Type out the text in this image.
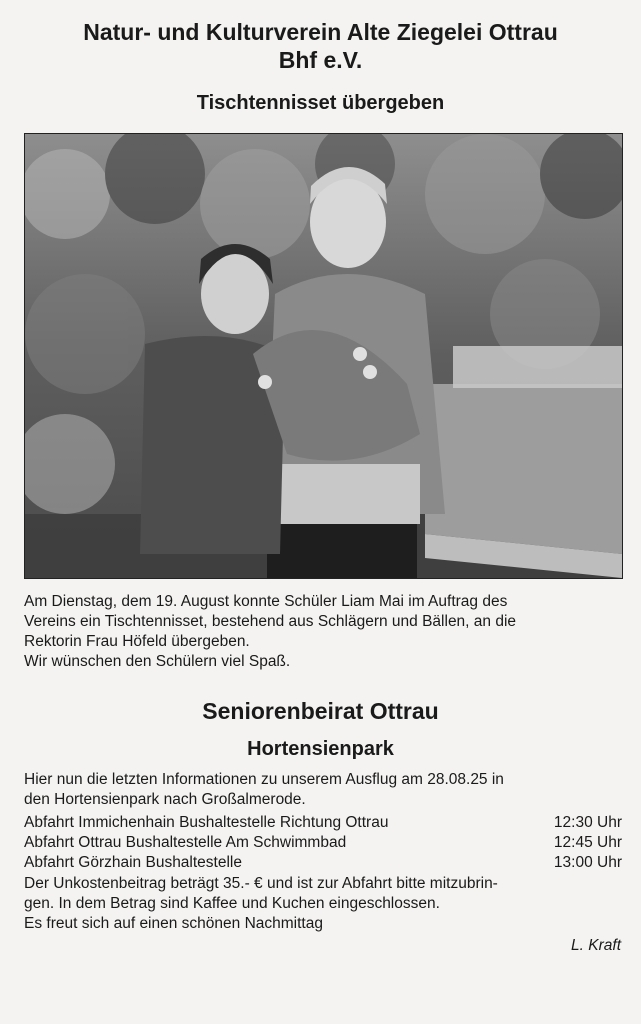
Natur- und Kulturverein Alte Ziegelei Ottrau
Bhf e.V.
Tischtennisset übergeben
Am Dienstag, dem 19. August konnte Schüler Liam Mai im Auftrag des
Vereins ein Tischtennisset, bestehend aus Schlägern und Bällen, an die
Rektorin Frau Höfeld übergeben.
Wir wünschen den Schülern viel Spaß.
Seniorenbeirat Ottrau
Hortensienpark
Hier nun die letzten Informationen zu unserem Ausflug am 28.08.25 in
den Hortensienpark nach Großalmerode.
Abfahrt Immichenhain Bushaltestelle Richtung Ottrau	12:30 Uhr
Abfahrt Ottrau Bushaltestelle Am Schwimmbad	12:45 Uhr
Abfahrt Görzhain Bushaltestelle	13:00 Uhr
Der Unkostenbeitrag beträgt 35.- € und ist zur Abfahrt bitte mitzubrin-
gen. In dem Betrag sind Kaffee und Kuchen eingeschlossen.
Es freut sich auf einen schönen Nachmittag
L. Kraft
